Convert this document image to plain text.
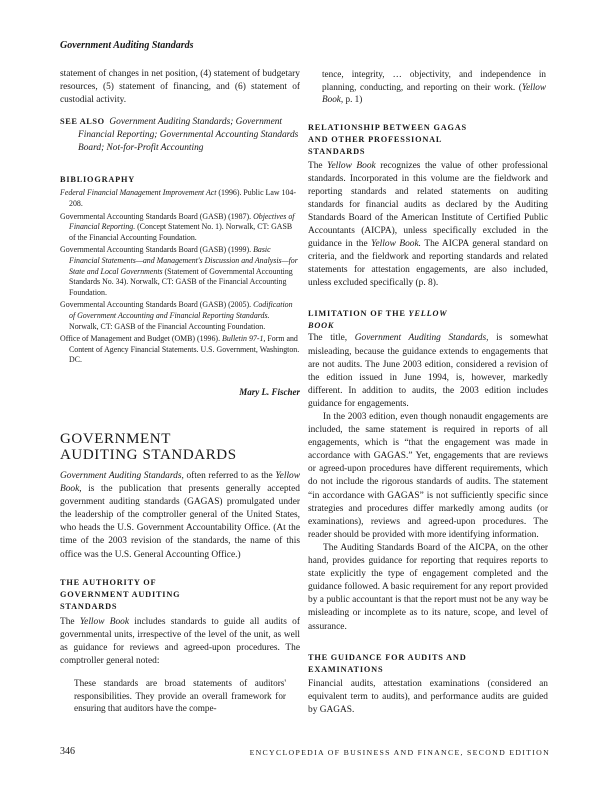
Government Auditing Standards

statement of changes in net position, (4) statement of budgetary resources, (5) statement of financing, and (6) statement of custodial activity.

SEE ALSO Government Auditing Standards; Government Financial Reporting; Governmental Accounting Standards Board; Not-for-Profit Accounting
BIBLIOGRAPHY
Federal Financial Management Improvement Act (1996). Public Law 104-208.
Governmental Accounting Standards Board (GASB) (1987). Objectives of Financial Reporting. (Concept Statement No. 1). Norwalk, CT: GASB of the Financial Accounting Foundation.
Governmental Accounting Standards Board (GASB) (1999). Basic Financial Statements—and Management's Discussion and Analysis—for State and Local Governments (Statement of Governmental Accounting Standards No. 34). Norwalk, CT: GASB of the Financial Accounting Foundation.
Governmental Accounting Standards Board (GASB) (2005). Codification of Government Accounting and Financial Reporting Standards. Norwalk, CT: GASB of the Financial Accounting Foundation.
Office of Management and Budget (OMB) (1996). Bulletin 97-1, Form and Content of Agency Financial Statements. U.S. Government, Washington. DC.
Mary L. Fischer
GOVERNMENT
AUDITING STANDARDS

Government Auditing Standards, often referred to as the Yellow Book, is the publication that presents generally accepted government auditing standards (GAGAS) promulgated under the leadership of the comptroller general of the United States, who heads the U.S. Government Accountability Office. (At the time of the 2003 revision of the standards, the name of this office was the U.S. General Accounting Office.)

THE AUTHORITY OF
GOVERNMENT AUDITING
STANDARDS

The Yellow Book includes standards to guide all audits of governmental units, irrespective of the level of the unit, as well as guidance for reviews and agreed-upon procedures. The comptroller general noted:

These standards are broad statements of auditors' responsibilities. They provide an overall framework for ensuring that auditors have the compe-
tence, integrity, … objectivity, and independence in planning, conducting, and reporting on their work. (Yellow Book, p. 1)
RELATIONSHIP BETWEEN GAGAS
AND OTHER PROFESSIONAL
STANDARDS

The Yellow Book recognizes the value of other professional standards. Incorporated in this volume are the fieldwork and reporting standards and related statements on auditing standards for financial audits as declared by the Auditing Standards Board of the American Institute of Certified Public Accountants (AICPA), unless specifically excluded in the guidance in the Yellow Book. The AICPA general standard on criteria, and the fieldwork and reporting standards and related statements for attestation engagements, are also included, unless excluded specifically (p. 8).

LIMITATION OF THE YELLOW
BOOK

The title, Government Auditing Standards, is somewhat misleading, because the guidance extends to engagements that are not audits. The June 2003 edition, considered a revision of the edition issued in June 1994, is, however, markedly different. In addition to audits, the 2003 edition includes guidance for engagements.

In the 2003 edition, even though nonaudit engagements are included, the same statement is required in reports of all engagements, which is “that the engagement was made in accordance with GAGAS.” Yet, engagements that are reviews or agreed-upon procedures have different requirements, which do not include the rigorous standards of audits. The statement “in accordance with GAGAS” is not sufficiently specific since strategies and procedures differ markedly among audits (or examinations), reviews and agreed-upon procedures. The reader should be provided with more identifying information.

The Auditing Standards Board of the AICPA, on the other hand, provides guidance for reporting that requires reports to state explicitly the type of engagement completed and the guidance followed. A basic requirement for any report provided by a public accountant is that the report must not be any way be misleading or incomplete as to its nature, scope, and level of assurance.

THE GUIDANCE FOR AUDITS AND
EXAMINATIONS

Financial audits, attestation examinations (considered an equivalent term to audits), and performance audits are guided by GAGAS.

346	ENCYCLOPEDIA OF BUSINESS AND FINANCE, SECOND EDITION
